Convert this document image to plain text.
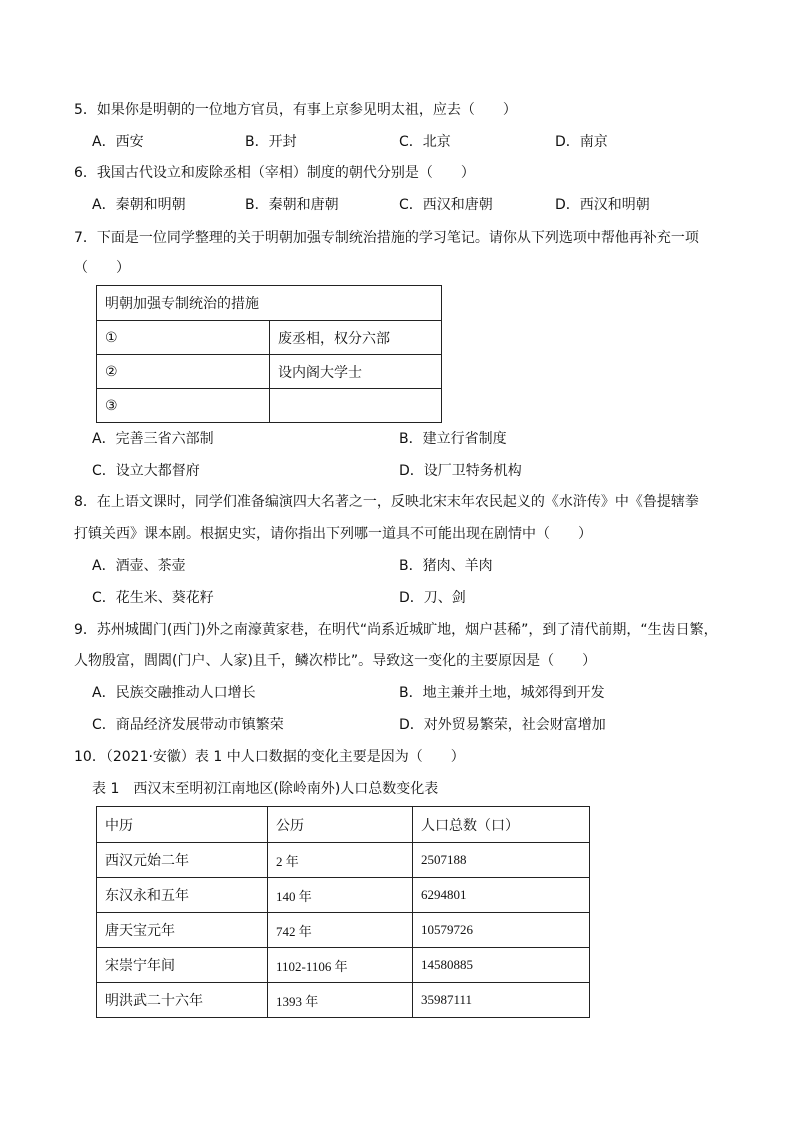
5．如果你是明朝的一位地方官员，有事上京参见明太祖，应去（　　）
A．西安	B．开封	C．北京	D．南京
6．我国古代设立和废除丞相（宰相）制度的朝代分别是（　　）
A．秦朝和明朝	B．秦朝和唐朝	C．西汉和唐朝	D．西汉和明朝
7．下面是一位同学整理的关于明朝加强专制统治措施的学习笔记。请你从下列选项中帮他再补充一项
（　　）
明朝加强专制统治的措施	
①	废丞相，权分六部
②	设内阁大学士
③	
A．完善三省六部制	B．建立行省制度
C．设立大都督府	D．设厂卫特务机构
8．在上语文课时，同学们准备编演四大名著之一，反映北宋末年农民起义的《水浒传》中《鲁提辖拳
打镇关西》课本剧。根据史实，请你指出下列哪一道具不可能出现在剧情中（　　）
A．酒壶、茶壶	B．猪肉、羊肉
C．花生米、葵花籽	D．刀、剑
9．苏州城閶门(西门)外之南濠黄家巷，在明代“尚系近城旷地，烟户甚稀”，到了清代前期，“生齿日繁，
人物殷富，閭閻(门户、人家)且千，鳞次栉比”。导致这一变化的主要原因是（　　）
A．民族交融推动人口增长	B．地主兼并土地，城郊得到开发
C．商品经济发展带动市镇繁荣	D．对外贸易繁荣，社会财富增加
10．（2021·安徽）表 1 中人口数据的变化主要是因为（　　）
表 1　西汉末至明初江南地区(除岭南外)人口总数变化表
中历	公历	人口总数（口）
西汉元始二年	2 年	2507188
东汉永和五年	140 年	6294801
唐天宝元年	742 年	10579726
宋崇宁年间	1102-1106 年	14580885
明洪武二十六年	1393 年	35987111
